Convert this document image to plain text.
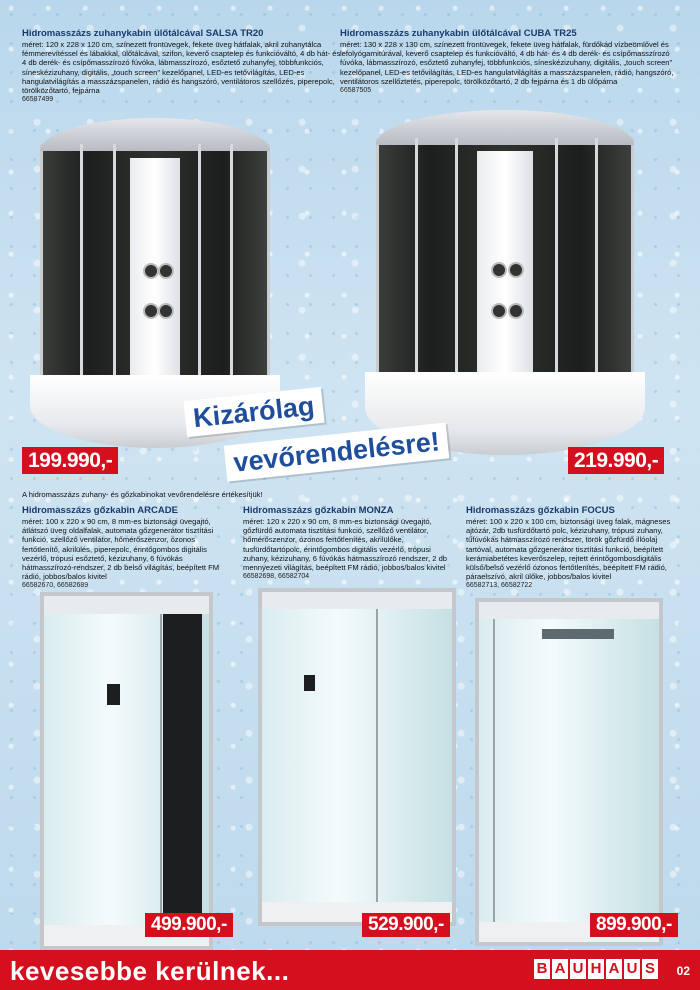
Hidromasszázs zuhanykabin ülőtálcával SALSA TR20

méret: 120 x 228 x 120 cm, színezett frontüvegek, fekete üveg hátfalak, akril zuhanytálca fémmerevítéssel és lábakkal, ülőtálcával, szifon, keverő csaptelep és funkcióváltó, 4 db hát- és 4 db derék- és csípőmasszírozó fúvóka, lábmasszírozó, esőztető zuhanyfej, többfunkciós, síneskézizuhany, digitális, „touch screen" kezelőpanel, LED-es tetővilágítás, LED-es hangulatvilágítás a masszázspanelen, rádió és hangszóró, ventilátoros szellőzés, piperepolc, törölközőtartó, fejpárna

66587499

Hidromasszázs zuhanykabin ülőtálcával CUBA TR25

méret: 130 x 228 x 130 cm, színezett frontüvegek, fekete üveg hátfalak, fürdőkád vízbeömlővel és lefolyógarnitúrával, keverő csaptelep és funkcióváltó, 4 db hát- és 4 db derék- és csípőmasszírozó fúvóka, lábmasszírozó, esőztető zuhanyfej, többfunkciós, síneskézizuhany, digitális, „touch screen" kezelőpanel, LED-es tetővilágítás, LED-es hangulatvilágítás a masszázspanelen, rádió, hangszóró, ventilátoros szellőztetés, piperepolc, törölközőtartó, 2 db fejpárna és 1 db ülőpárna

66587505

199.990,-	219.990,-
Kizárólag
vevőrendelésre!
A hidromasszázs zuhany- és gőzkabinokat vevőrendelésre értékesítjük!
Hidromasszázs gőzkabin ARCADE

méret: 100 x 220 x 90 cm, 8 mm-es biztonsági üvegajtó, átlátszó üveg oldalfalak, automata gőzgenerátor tisztítási funkció, szellőző ventilátor, hőmérőszenzor, ózonos fertőtlenítő, akrilülés, piperepolc, érintőgombos digitális vezérlő, trópusi esőztető, kézizuhany, 6 fúvókás hátmasszírozó-rendszer, 2 db belső világítás, beépített FM rádió, jobbos/balos kivitel

66582670, 66582689

Hidromasszázs gőzkabin MONZA

méret: 120 x 220 x 90 cm, 8 mm-es biztonsági üvegajtó, gőzfürdő automata tisztítási funkció, szellőző ventilátor, hőmérőszenzor, ózonos fertőtlenítés, akrilülőke, tusfürdőtartópolc, érintőgombos digitális vezérlő, trópusi zuhany, kézizuhany, 6 fúvókás hátmasszírozó rendszer, 2 db mennyezeti világítás, beépített FM rádió, jobbos/balos kivitel

66582698, 66582704

Hidromasszázs gőzkabin FOCUS

méret: 100 x 220 x 100 cm, biztonsági üveg falak, mágneses ajtózár, 2db tusfürdőtartó polc, kézizuhany, trópusi zuhany, tűfúvókás hátmasszírozó rendszer, török gőzfürdő illóolaj tartóval, automata gőzgenerátor tisztítási funkció, beépített kerámiabetétes keverőszelep, rejtett érintőgombosdigitális külső/belső vezérlő ózonos fertőtlenítés, beépített FM rádió, páraelszívó, akril ülőke, jobbos/balos kivitel

66582713, 66582722

499.900,-	529.900,-	899.900,-
kevesebbe kerülnek...	B A U H A U S 02
